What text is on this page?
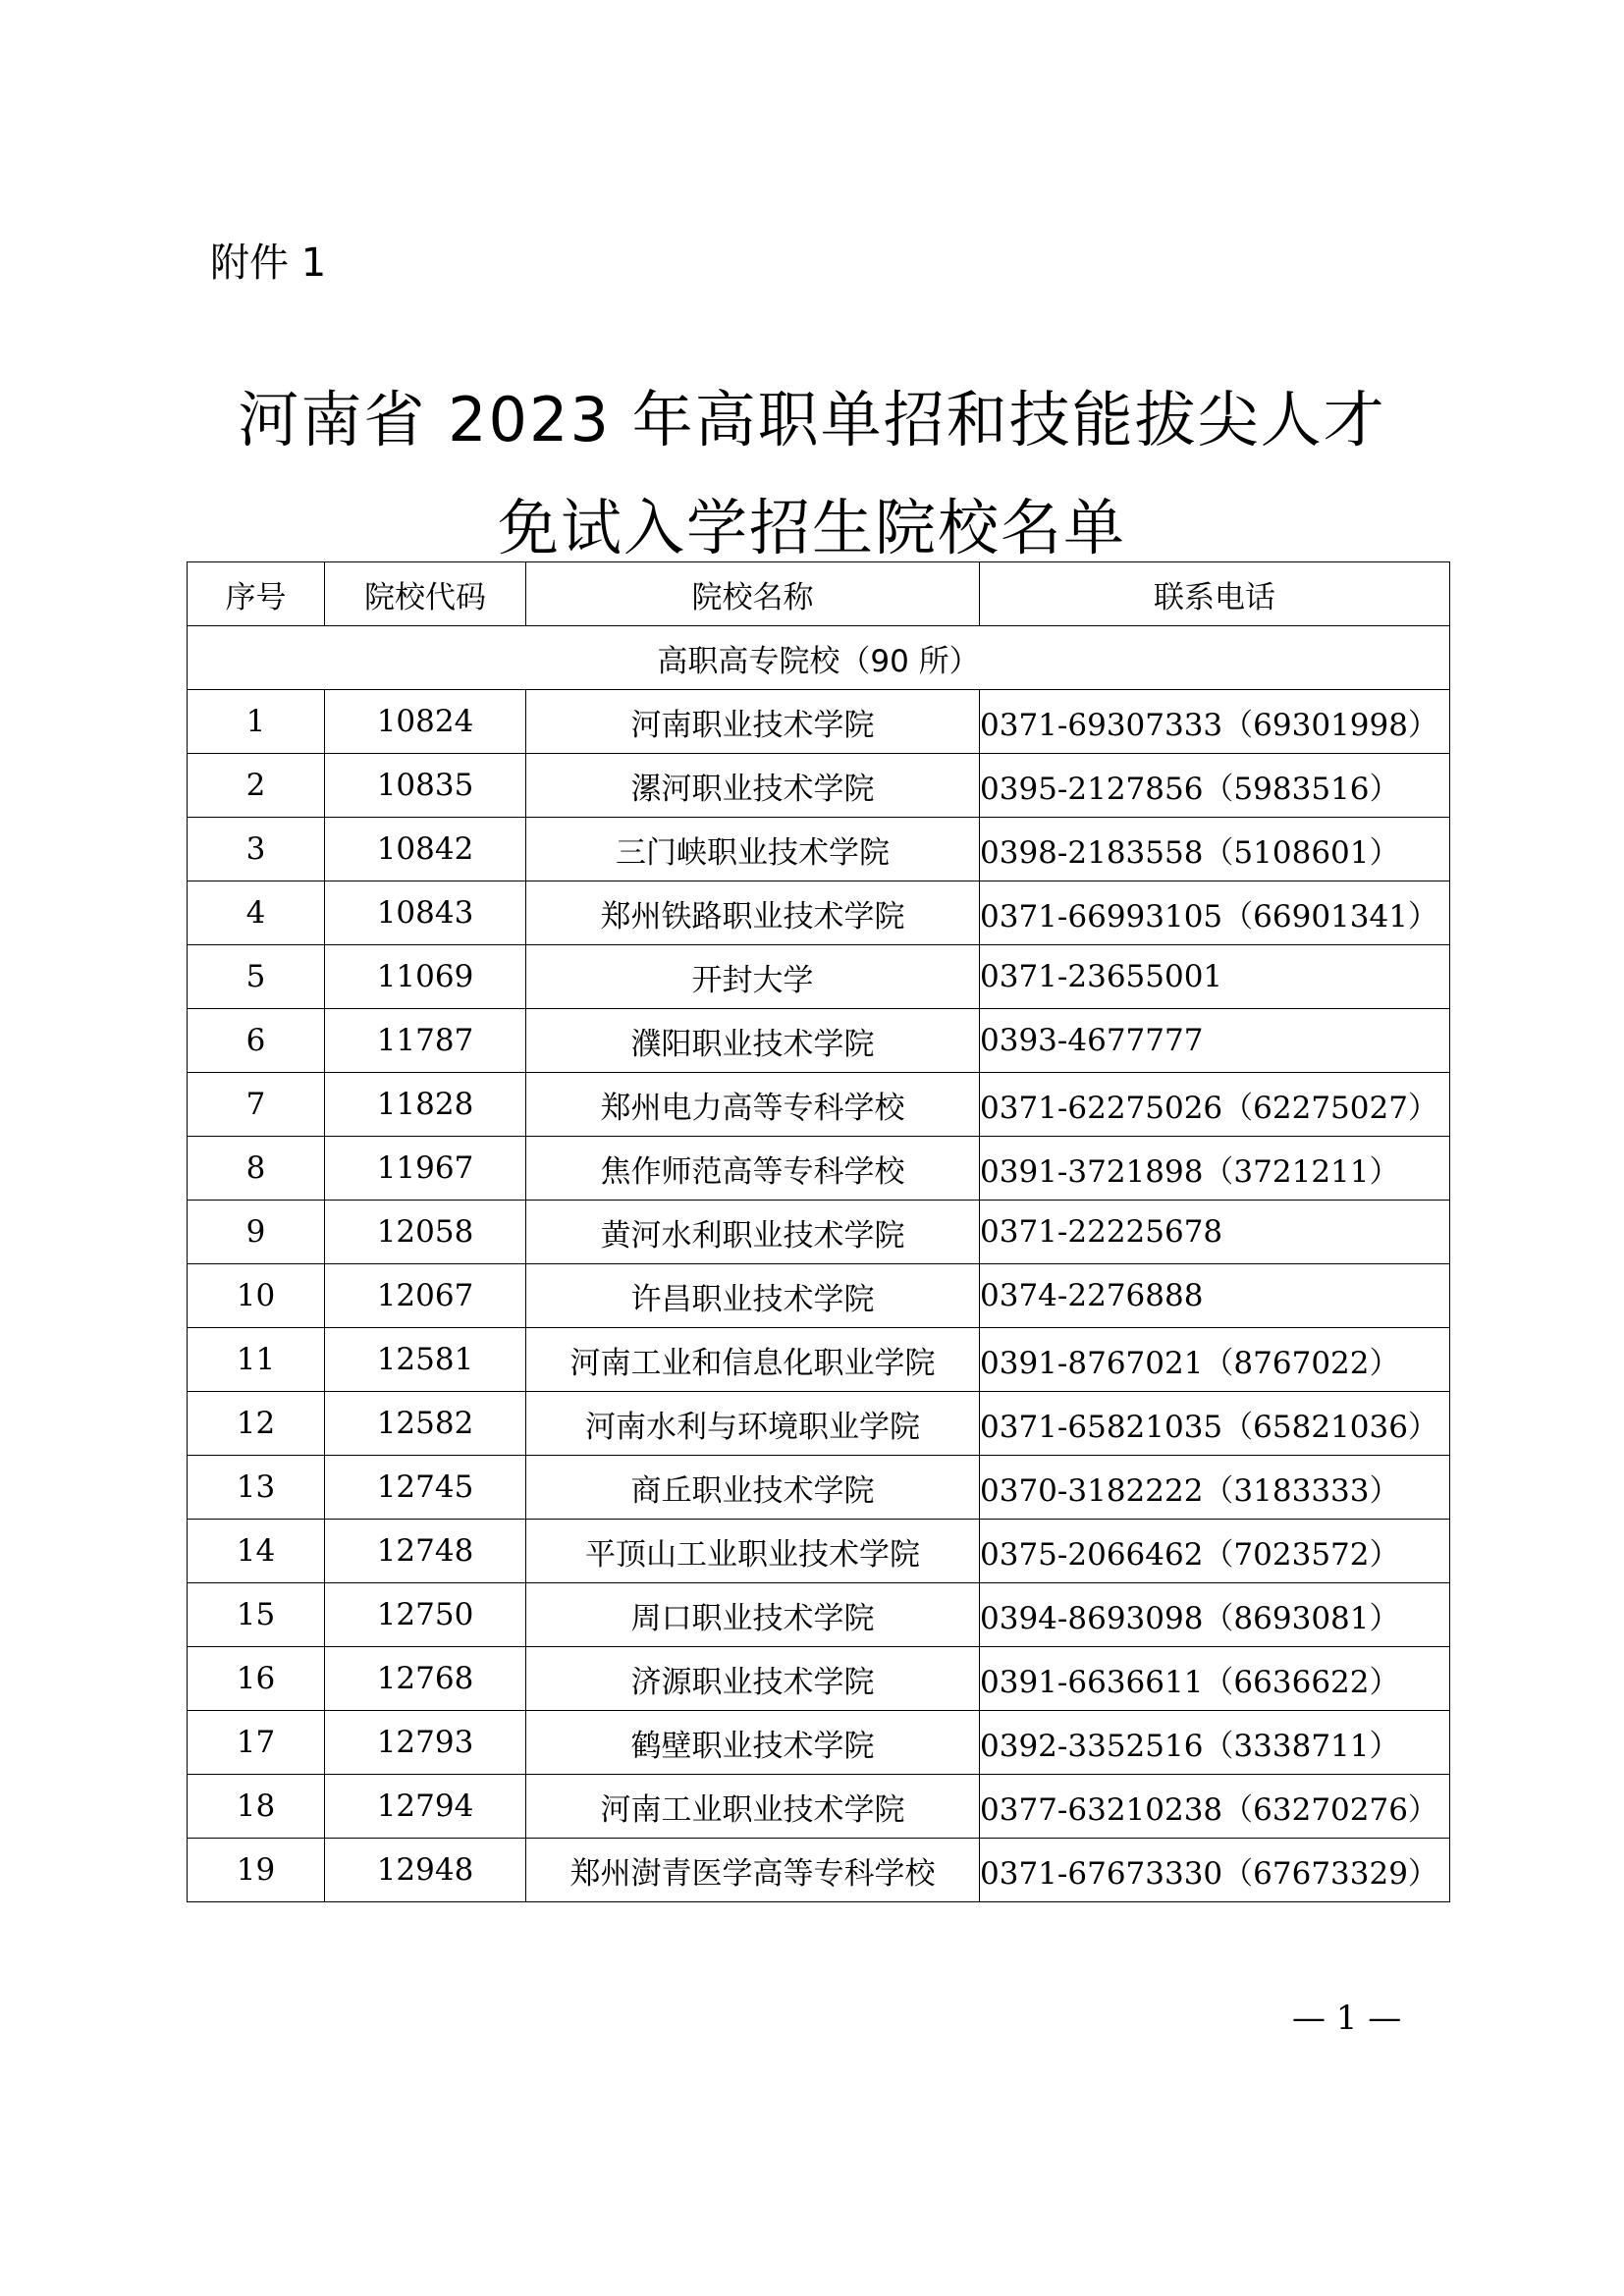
附件 1
河南省 2023 年高职单招和技能拔尖人才
免试入学招生院校名单
序号	院校代码	院校名称	联系电话
高职高专院校（90 所）			
1	10824	河南职业技术学院	0371-69307333（69301998）
2	10835	漯河职业技术学院	0395-2127856（5983516）
3	10842	三门峡职业技术学院	0398-2183558（5108601）
4	10843	郑州铁路职业技术学院	0371-66993105（66901341）
5	11069	开封大学	0371-23655001
6	11787	濮阳职业技术学院	0393-4677777
7	11828	郑州电力高等专科学校	0371-62275026（62275027）
8	11967	焦作师范高等专科学校	0391-3721898（3721211）
9	12058	黄河水利职业技术学院	0371-22225678
10	12067	许昌职业技术学院	0374-2276888
11	12581	河南工业和信息化职业学院	0391-8767021（8767022）
12	12582	河南水利与环境职业学院	0371-65821035（65821036）
13	12745	商丘职业技术学院	0370-3182222（3183333）
14	12748	平顶山工业职业技术学院	0375-2066462（7023572）
15	12750	周口职业技术学院	0394-8693098（8693081）
16	12768	济源职业技术学院	0391-6636611（6636622）
17	12793	鹤壁职业技术学院	0392-3352516（3338711）
18	12794	河南工业职业技术学院	0377-63210238（63270276）
19	12948	郑州澍青医学高等专科学校	0371-67673330（67673329）
— 1 —
